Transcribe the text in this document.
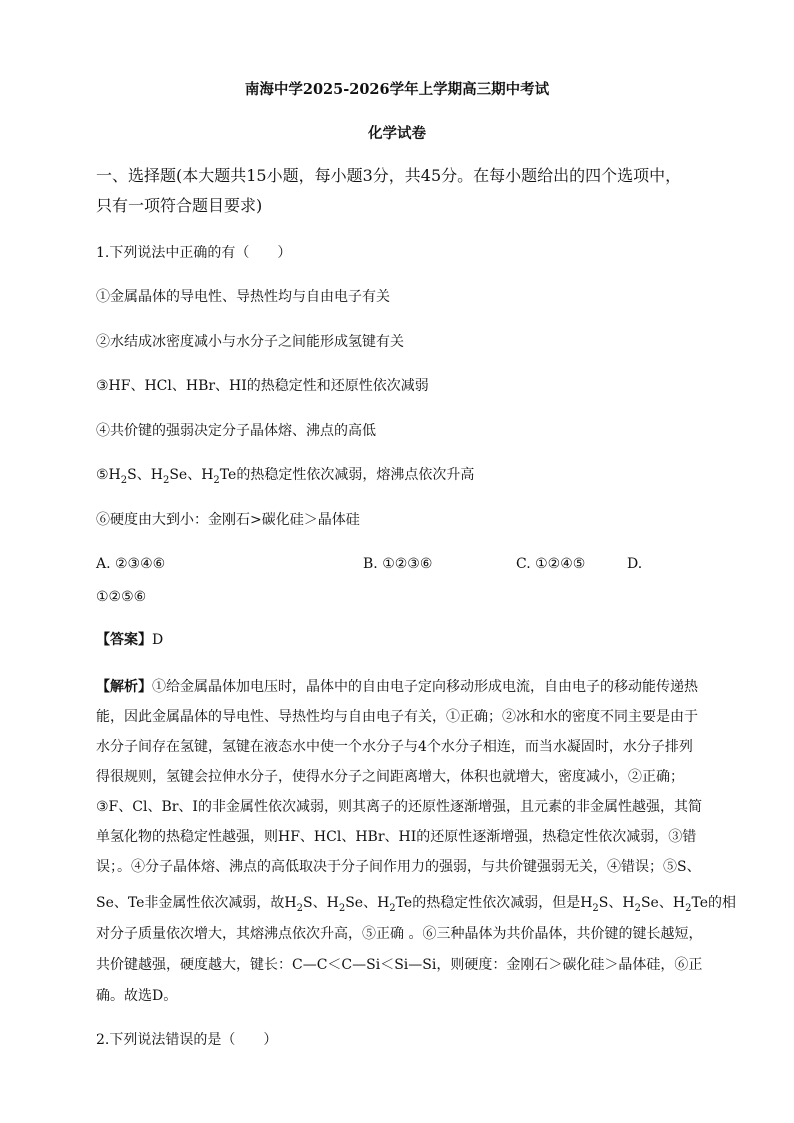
南海中学2025-2026学年上学期高三期中考试
化学试卷
一、选择题(本大题共15小题，每小题3分，共45分。在每小题给出的四个选项中，
只有一项符合题目要求)
1.下列说法中正确的有（　　）
①金属晶体的导电性、导热性均与自由电子有关
②水结成冰密度减小与水分子之间能形成氢键有关
③HF、HCl、HBr、HI的热稳定性和还原性依次减弱
④共价键的强弱决定分子晶体熔、沸点的高低
$⑤H_2S$、$H_2Se$、$H_2Te$的热稳定性依次减弱，熔沸点依次升高
⑥硬度由大到小：金刚石>碳化硅＞晶体硅
A. ②③④⑥	B. ①②③⑥	C. ①②④⑤	D.
①②⑤⑥
【答案】D
【解析】①给金属晶体加电压时，晶体中的自由电子定向移动形成电流，自由电子的移动能传递热
能，因此金属晶体的导电性、导热性均与自由电子有关，①正确；②冰和水的密度不同主要是由于
水分子间存在氢键，氢键在液态水中使一个水分子与4个水分子相连，而当水凝固时，水分子排列
得很规则，氢键会拉伸水分子，使得水分子之间距离增大，体积也就增大，密度减小，②正确；
③F、Cl、Br、I的非金属性依次减弱，则其离子的还原性逐渐增强，且元素的非金属性越强，其简
单氢化物的热稳定性越强，则HF、HCl、HBr、HI的还原性逐渐增强，热稳定性依次减弱，③错
误；。④分子晶体熔、沸点的高低取决于分子间作用力的强弱，与共价键强弱无关，④错误；⑤S、
Se、Te非金属性依次减弱，故$H_2S$、$H_2Se$、$H_2Te$的热稳定性依次减弱，但是$H_2S$、$H_2Se$、$H_2Te$的相
对分子质量依次增大，其熔沸点依次升高，⑤正确 。⑥三种晶体为共价晶体，共价键的键长越短，
共价键越强，硬度越大，键长：C—C＜C—Si＜Si—Si，则硬度：金刚石＞碳化硅＞晶体硅，⑥正
确。故选D。
2.下列说法错误的是（　　）
